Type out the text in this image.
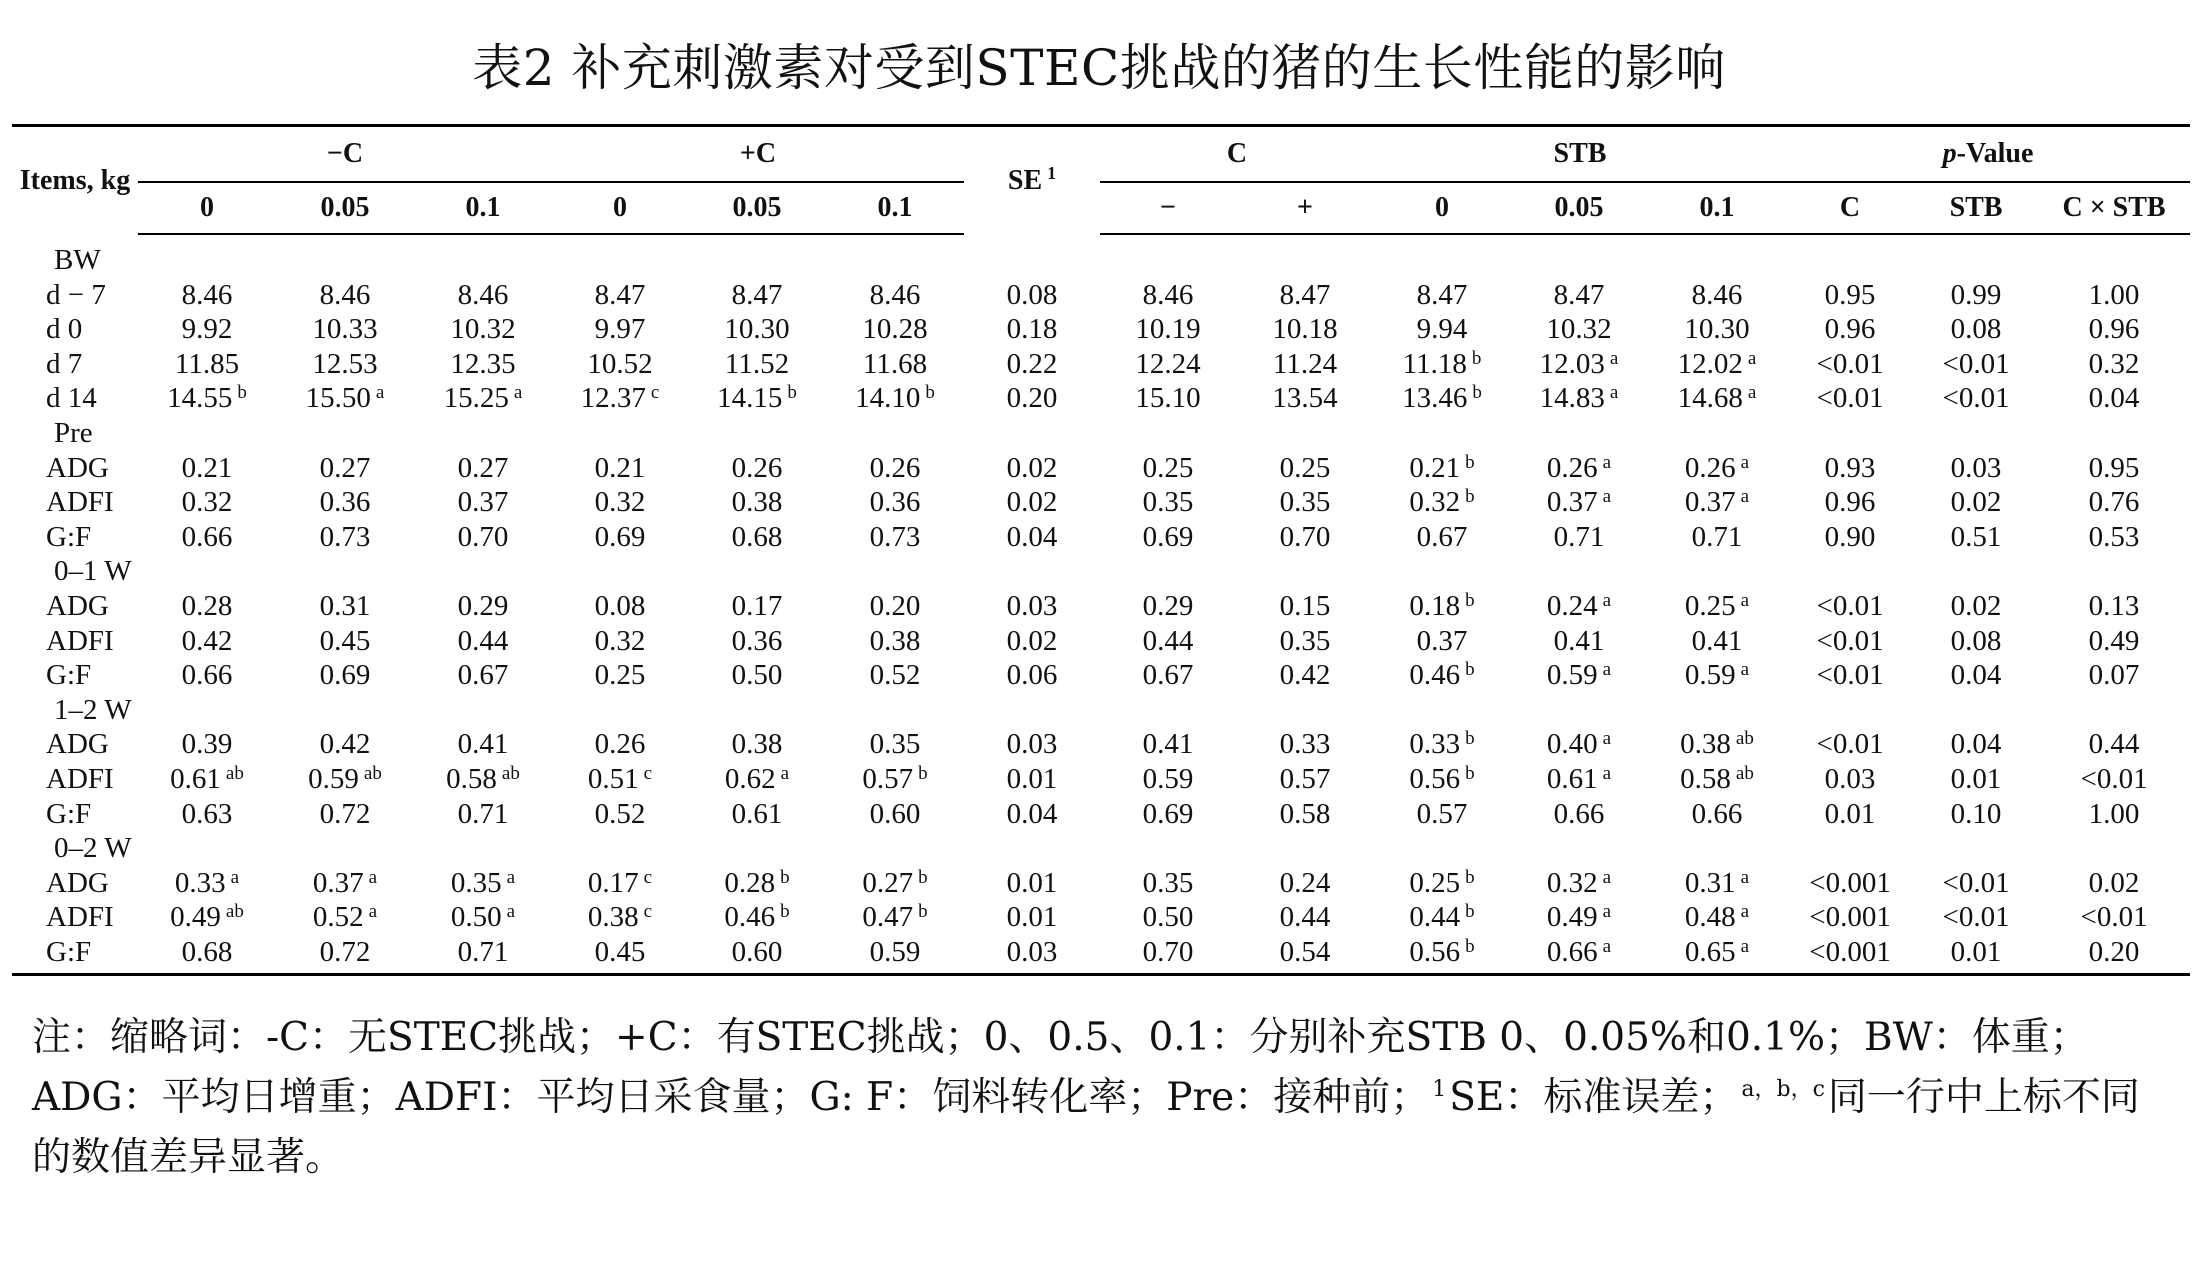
表2 补充刺激素对受到STEC挑战的猪的生长性能的影响
Items, kg	−C			+C			SE $^1$	C		STB			p-Value		
	0	0.05	0.1	0	0.05	0.1		−	+	0	0.05	0.1	C	STB	C × STB
BW															
d − 7	8.46	8.46	8.46	8.47	8.47	8.46	0.08	8.46	8.47	8.47	8.47	8.46	0.95	0.99	1.00
d 0	9.92	10.33	10.32	9.97	10.30	10.28	0.18	10.19	10.18	9.94	10.32	10.30	0.96	0.08	0.96
d 7	11.85	12.53	12.35	10.52	11.52	11.68	0.22	12.24	11.24	11.18 $^b$	12.03 $^a$	12.02 $^a$	<0.01	<0.01	0.32
d 14	14.55 $^b$	15.50 $^a$	15.25 $^a$	12.37 $^c$	14.15 $^b$	14.10 $^b$	0.20	15.10	13.54	13.46 $^b$	14.83 $^a$	14.68 $^a$	<0.01	<0.01	0.04
Pre															
ADG	0.21	0.27	0.27	0.21	0.26	0.26	0.02	0.25	0.25	0.21 $^b$	0.26 $^a$	0.26 $^a$	0.93	0.03	0.95
ADFI	0.32	0.36	0.37	0.32	0.38	0.36	0.02	0.35	0.35	0.32 $^b$	0.37 $^a$	0.37 $^a$	0.96	0.02	0.76
G:F	0.66	0.73	0.70	0.69	0.68	0.73	0.04	0.69	0.70	0.67	0.71	0.71	0.90	0.51	0.53
0–1 W															
ADG	0.28	0.31	0.29	0.08	0.17	0.20	0.03	0.29	0.15	0.18 $^b$	0.24 $^a$	0.25 $^a$	<0.01	0.02	0.13
ADFI	0.42	0.45	0.44	0.32	0.36	0.38	0.02	0.44	0.35	0.37	0.41	0.41	<0.01	0.08	0.49
G:F	0.66	0.69	0.67	0.25	0.50	0.52	0.06	0.67	0.42	0.46 $^b$	0.59 $^a$	0.59 $^a$	<0.01	0.04	0.07
1–2 W															
ADG	0.39	0.42	0.41	0.26	0.38	0.35	0.03	0.41	0.33	0.33 $^b$	0.40 $^a$	0.38 $^{ab}$	<0.01	0.04	0.44
ADFI	0.61 $^{ab}$	0.59 $^{ab}$	0.58 $^{ab}$	0.51 $^c$	0.62 $^a$	0.57 $^b$	0.01	0.59	0.57	0.56 $^b$	0.61 $^a$	0.58 $^{ab}$	0.03	0.01	<0.01
G:F	0.63	0.72	0.71	0.52	0.61	0.60	0.04	0.69	0.58	0.57	0.66	0.66	0.01	0.10	1.00
0–2 W															
ADG	0.33 $^a$	0.37 $^a$	0.35 $^a$	0.17 $^c$	0.28 $^b$	0.27 $^b$	0.01	0.35	0.24	0.25 $^b$	0.32 $^a$	0.31 $^a$	<0.001	<0.01	0.02
ADFI	0.49 $^{ab}$	0.52 $^a$	0.50 $^a$	0.38 $^c$	0.46 $^b$	0.47 $^b$	0.01	0.50	0.44	0.44 $^b$	0.49 $^a$	0.48 $^a$	<0.001	<0.01	<0.01
G:F	0.68	0.72	0.71	0.45	0.60	0.59	0.03	0.70	0.54	0.56 $^b$	0.66 $^a$	0.65 $^a$	<0.001	0.01	0.20
注：缩略词：-C：无STEC挑战；+C：有STEC挑战；0、0.5、0.1：分别补充STB 0、0.05%和0.1%；BW：体重；ADG：平均日增重；ADFI：平均日采食量；G: F：饲料转化率；Pre：接种前； $^1$SE：标准误差； $^{a,b,c}$同一行中上标不同的数值差异显著。
